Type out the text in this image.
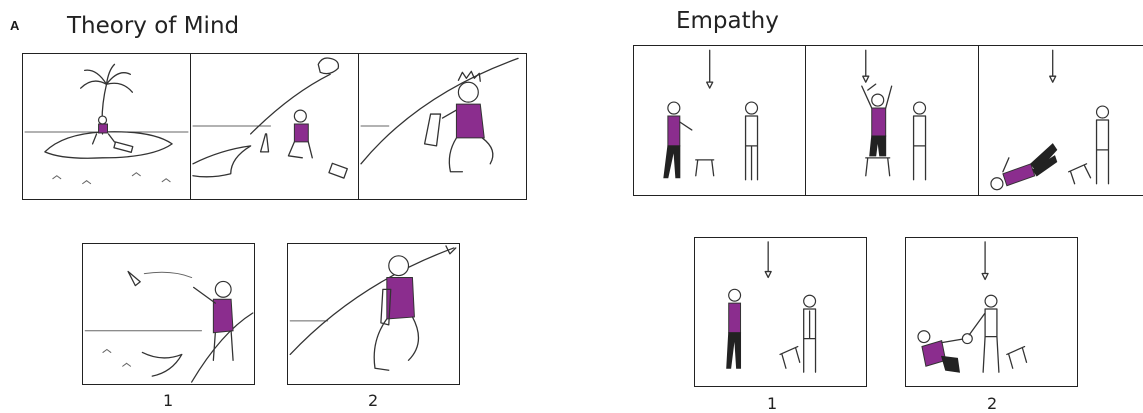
A Theory of Mind	Empathy
1	2	1	2
